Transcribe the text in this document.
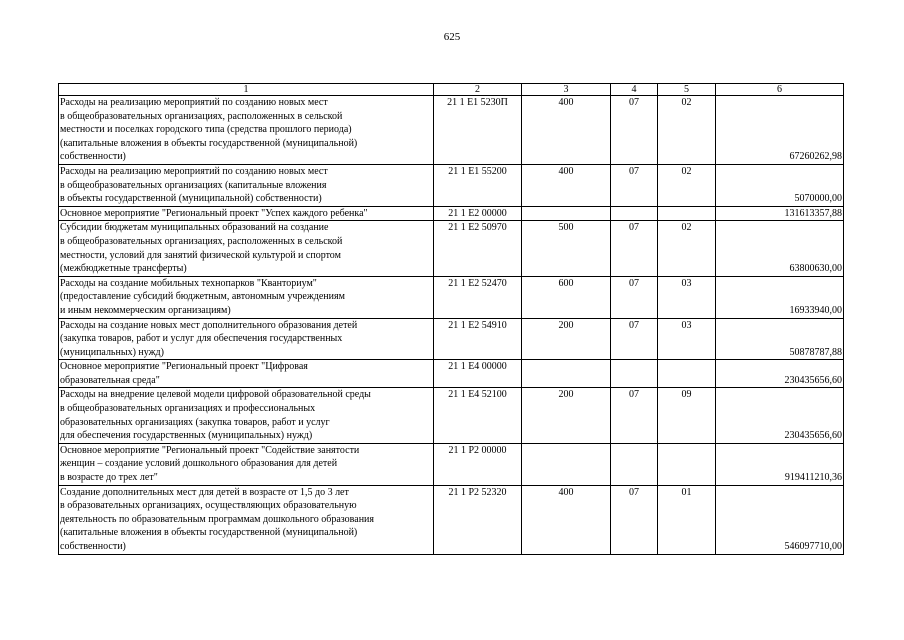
625
1	2	3	4	5	6

Расходы на реализацию мероприятий по созданию новых мест
в общеобразовательных организациях, расположенных в сельской
местности и поселках городского типа (средства прошлого периода)
(капитальные вложения в объекты государственной (муниципальной)
собственности)	21 1 E1 5230П	400	07	02	67260262,98

Расходы на реализацию мероприятий по созданию новых мест
в общеобразовательных организациях (капитальные вложения
в объекты государственной (муниципальной) собственности)	21 1 E1 55200	400	07	02	5070000,00

Основное мероприятие "Региональный проект "Успех каждого ребенка"	21 1 E2 00000				131613357,88

Субсидии бюджетам муниципальных образований на создание
в общеобразовательных организациях, расположенных в сельской
местности, условий для занятий физической культурой и спортом
(межбюджетные трансферты)	21 1 E2 50970	500	07	02	63800630,00

Расходы на создание мобильных технопарков "Кванториум"
(предоставление субсидий бюджетным, автономным учреждениям
и иным некоммерческим организациям)	21 1 E2 52470	600	07	03	16933940,00

Расходы на создание новых мест дополнительного образования детей
(закупка товаров, работ и услуг для обеспечения государственных
(муниципальных) нужд)	21 1 E2 54910	200	07	03	50878787,88

Основное мероприятие "Региональный проект "Цифровая
образовательная среда"	21 1 E4 00000				230435656,60

Расходы на внедрение целевой модели цифровой образовательной среды
в общеобразовательных организациях и профессиональных
образовательных организациях (закупка товаров, работ и услуг
для обеспечения государственных (муниципальных) нужд)	21 1 E4 52100	200	07	09	230435656,60

Основное мероприятие "Региональный проект "Содействие занятости
женщин – создание условий дошкольного образования для детей
в возрасте до трех лет"	21 1 P2 00000				919411210,36

Создание дополнительных мест для детей в возрасте от 1,5 до 3 лет
в образовательных организациях, осуществляющих образовательную
деятельность по образовательным программам дошкольного образования
(капитальные вложения в объекты государственной (муниципальной)
собственности)	21 1 P2 52320	400	07	01	546097710,00
